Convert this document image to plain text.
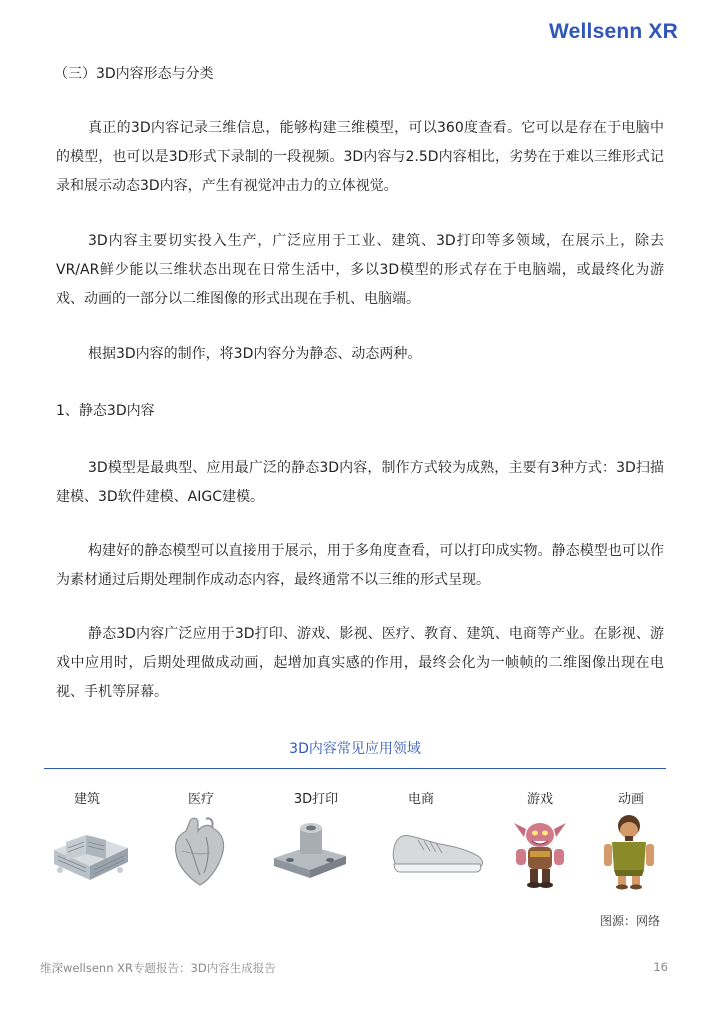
Wellsenn XR
（三）3D内容形态与分类

真正的3D内容记录三维信息，能够构建三维模型，可以360度查看。它可以是存在于电脑中的模型，也可以是3D形式下录制的一段视频。3D内容与2.5D内容相比，劣势在于难以三维形式记录和展示动态3D内容，产生有视觉冲击力的立体视觉。

3D内容主要切实投入生产，广泛应用于工业、建筑、3D打印等多领域，在展示上，除去VR/AR鲜少能以三维状态出现在日常生活中，多以3D模型的形式存在于电脑端，或最终化为游戏、动画的一部分以二维图像的形式出现在手机、电脑端。

根据3D内容的制作，将3D内容分为静态、动态两种。

1、静态3D内容

3D模型是最典型、应用最广泛的静态3D内容，制作方式较为成熟，主要有3种方式：3D扫描建模、3D软件建模、AIGC建模。

构建好的静态模型可以直接用于展示，用于多角度查看，可以打印成实物。静态模型也可以作为素材通过后期处理制作成动态内容，最终通常不以三维的形式呈现。

静态3D内容广泛应用于3D打印、游戏、影视、医疗、教育、建筑、电商等产业。在影视、游戏中应用时，后期处理做成动画，起增加真实感的作用，最终会化为一帧帧的二维图像出现在电视、手机等屏幕。

3D内容常见应用领域
建筑	医疗	3D打印	电商	游戏	动画
图源：网络
维深wellsenn XR专题报告：3D内容生成报告	16
